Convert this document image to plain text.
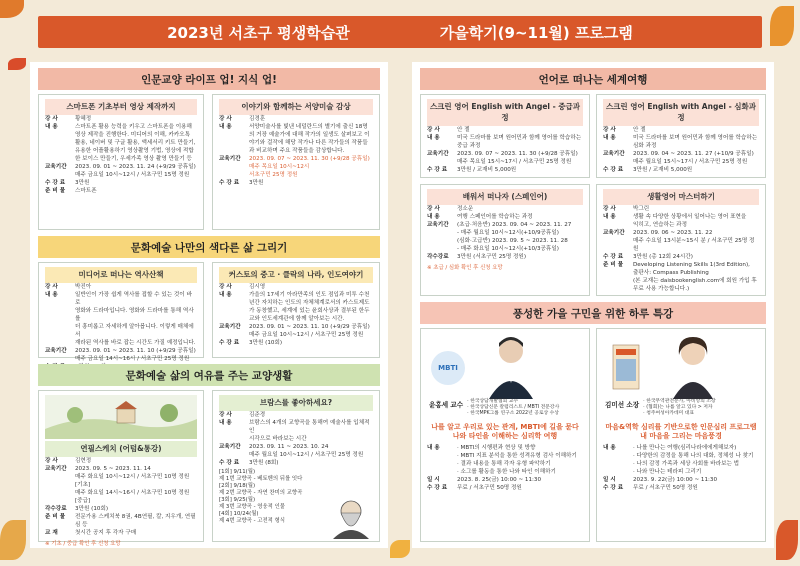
2023년 서초구 평생학습관	가을학기(9~11월) 프로그램
인문교양 라이프 업! 지식 업!
스마트폰 기초부터 영상 제작까지
강 사	황혜정
내 용	스마트폰 활용 능력을 키우고 스마트폰을 이용해
영상 제작을 진행한다. 미디어의 이해, 카카오톡
활용, 네이버 및 구글 활용, 액세서리 키트 만들기,
유용한 어플활용하기 영상촬영 기법, 영상에 적합
한 보이스 만들기, 우세가족 영상 촬영 만들기 등
교육기간	2023. 09. 01 ~ 2023. 11. 24 (+9/29 공휴일)
매주 금요일 10시~12시 / 서초구민 15명 정원
수 강 료	3만원
준 비 물	스마트폰
이야기와 함께하는 서양미술 감상
강 사	김경훈
내 용	서양미술사를 빛낸 네덜란드의 별기에 출신 18명
의 거장 예술가에 대해 작가의 일생도 살펴보고 이
야기와 걸작에 해당 작가나 다른 작가들의 작품들
과 비교하며 주요 작품들을 감상합니다.
교육기간	2023. 09. 07 ~ 2023. 11. 30 (+9/28 공휴일)
매주 목요일 10시~12시
서초구민 25명 정원
수 강 료	3만원
문화예술 나만의 색다른 삶 그리기
미디어로 떠나는 역사산책
강 사	박진아
내 용	일반인이 가장 쉽게 역사를 접할 수 있는 것이 바로
영화와 드라마입니다. 영화와 드라마를 통해 역사를
더 흥미롭고 자세하게 알아봅니다. 이렇게 매체에서
재라된 역사를 바로 잡는 시간도 가질 예정입니다.
교육기간	2023. 09. 01 ~ 2023. 11. 10 (+9/29 공휴일)
매주 금요일 14시~16시 / 서초구민 25명 정원
커스토의 중고 · 클락의 나라, 인도여야기
강 사	김시영
내 용	가을의 17세기 아라만족의 인도 점입과 미투 수천
년간 자치하는 인도의 자체체계로서의 카스트제도
가 동창했고, 세계에 있는 윤회사상과 결부된 한두
교와 인도세계관에 함께 알아보는 시간.
교육기간	2023. 09. 01 ~ 2023. 11. 10 (+9/29 공휴일)
매주 금요일 10시~12시 / 서초구민 25명 정원
수 강 료	3만원 (10회)
문화예술 삶의 여유를 주는 교양생활
연필스케치 (어텀&통강)
강 사	김현정
교육기간	2023. 09. 5 ~ 2023. 11. 14
매주 화요일 10시~12시 / 서초구민 10명 정원 [기초]
매주 화요일 14시~16시 / 서초구민 10명 정원 [중급]
각수강료	3만원 (10회)
준 비 물	전문가용 스케치북 8권, 4B연필, 칼, 지우개, 연필심 등
교 재	첫시간 공지 후 각자 구매
※ 기초 / 중급 확인 후 신청 요망
브람스를 좋아하세요?
강 사	김준경
내 용	브람스의 4개의 교향곡을 통해여 예술사를 입체적인
시각으로 바라보는 시간
교육기간	2023. 09. 11 ~ 2023. 10. 24
매주 월요일 10시~12시 / 서초구민 25명 정원
수 강 료	3만원 (8회)
[1회] 9/11(월)
제 1번 교향곡 - 베토벤의 뒤를 잇다
[2회] 9/18(월)
제 2번 교향곡 - 자연 찬미의 교향곡
[3회] 9/25(월)
제 3번 교향곡 - 영웅적 인물
[4회] 10/24(월)
제 4번 교향곡 - 고전적 형식
언어로 떠나는 세계여행
스크린 영어 English with Angel - 중급과정
강 사	안 젤
내 용	미국 드라마를 보며 원어민과 함께 영어를 학습하는
중급 과정
교육기간	2023. 09. 07 ~ 2023. 11. 30 (+9/28 공휴일)
매주 목요일 15시~17시 / 서초구민 25명 정원
수 강 료	3만원 / 교재비 5,000원
스크린 영어 English with Angel - 심화과정
강 사	안 젤
내 용	미국 드라마를 보며 원어민과 함께 영어를 학습하는
심화 과정
교육기간	2023. 09. 04 ~ 2023. 11. 27 (+10/9 공휴일)
매주 월요일 15시~17시 / 서초구민 25명 정원
수 강 료	3만원 / 교재비 5,000원
배워서 떠나자 (스페인어)
강 사	정소운
내 용	여행 스페인어를 학습하는 과정
교육기간	(초급·처음반) 2023. 09. 04 ~ 2023. 11. 27
- 매주 월요일 10시~12시(+10/9공휴일)
(심화·고급반) 2023. 09. 5 ~ 2023. 11. 28
- 매주 화요일 10시~12시(+10/3공휴일)
각수강료	3만원 (서초구민 25명 정원)
※ 초급 / 심화 확인 후 신청 요망
생활영어 마스터하기
강 사	박그린
내 용	생활 속 다양한 상황에서 일어나는 영어 표현을
익히고, 연습하는 과정
교육기간	2023. 09. 06 ~ 2023. 11. 22
매주 수요일 13시분~15시 분 / 서초구민 25명 정원
수 강 료	3만원 (총 12회 24시간)
준 비 물	Developing Listening Skills 1(3rd Edition),
출판사: Compass Publishing
(본 교재는 daisbookenglish.com에 회원 가입 후
무료 사용 가능합니다.)
풍성한 가을 구민을 위한 하루 특강
MBTI
윤홍세 교수 · 한국상담개발협회 교수
· 한국상담신문 칼럼리스트 / MBTI 전문강사
· 한국MPK그룹 연구소 2022년 공로상 수상
나를 알고 우리로 있는 관계, MBTI에 길을 묻다
나와 타인을 이해하는 심리학 여행
내 용	· MBTI의 시행편과 현상 및 방향
· MBTI 지표 분석을 통한 성격유형 검사 이해하기
· 결과 내용을 통해 각자 유형 파악하기
· 소그룹 활동을 통한 나와 타인 이해하기
일 시	2023. 8. 25(금) 10:00 ~ 11:30
수 강 료	무료 / 서초구민 50명 정원
김미선 소장 · 한국무역관전문가, 아비앙의 소장
· (협회)는 나를 알고 있다 > 저자
· 청주여성아카데미 대표
마음&역학 심리를 기반으로한 인문심리 프로그램
내 마음을 그리는 마음풍경
내 용	· 나를 만나는 여행(심리나라에에게해보자)
· 다양한의 감정을 통해 나의 대화, 정체성 나 찾기
· 나의 감정 가족과 세상 사회를 바라보는 법
· 나와 만나는 테라피 그리기
일 시	2023. 9. 22(금) 10:00 ~ 11:30
수 강 료	무료 / 서초구민 50명 정원
